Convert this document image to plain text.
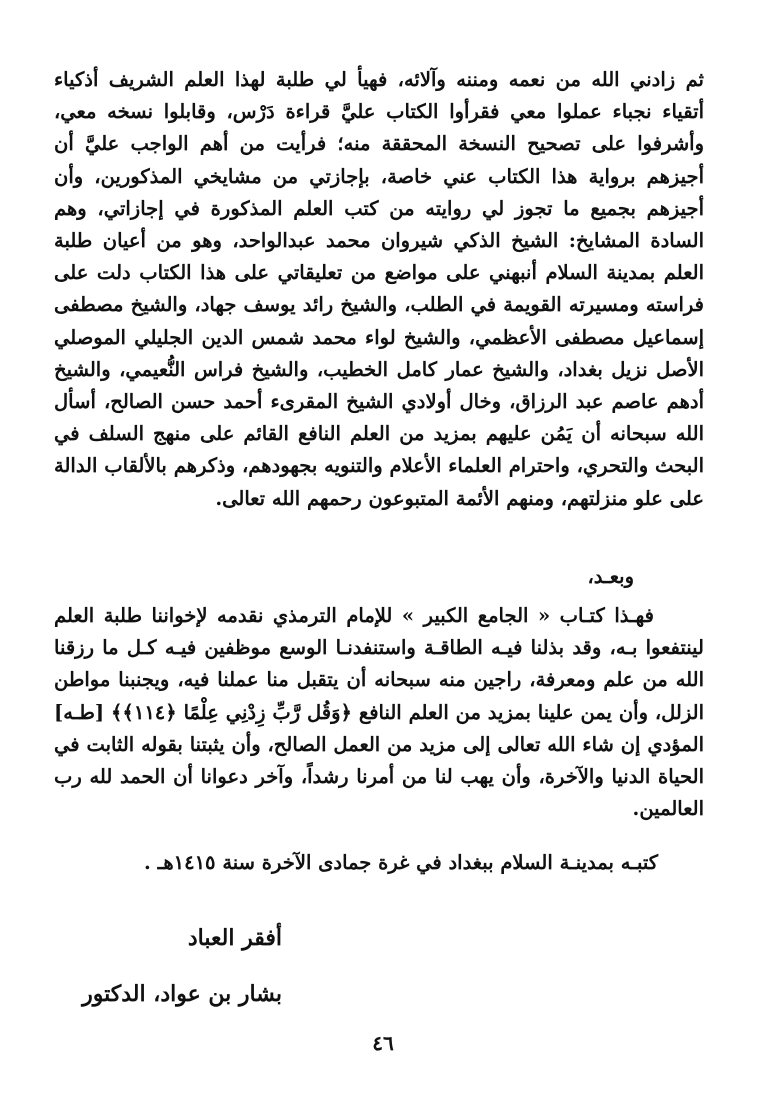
ثم زادني الله من نعمه ومننه وآلائه، فهيأ لي طلبة لهذا العلم الشريف أذكياء أتقياء نجباء عملوا معي فقرأوا الكتاب عليَّ قراءة دَرْس، وقابلوا نسخه معي، وأشرفوا على تصحيح النسخة المحققة منه؛ فرأيت من أهم الواجب عليَّ أن أجيزهم برواية هذا الكتاب عني خاصة، بإجازتي من مشايخي المذكورين، وأن أجيزهم بجميع ما تجوز لي روايته من كتب العلم المذكورة في إجازاتي، وهم السادة المشايخ: الشيخ الذكي شيروان محمد عبدالواحد، وهو من أعيان طلبة العلم بمدينة السلام أنبهني على مواضع من تعليقاتي على هذا الكتاب دلت على فراسته ومسيرته القويمة في الطلب، والشيخ رائد يوسف جهاد، والشيخ مصطفى إسماعيل مصطفى الأعظمي، والشيخ لواء محمد شمس الدين الجليلي الموصلي الأصل نزيل بغداد، والشيخ عمار كامل الخطيب، والشيخ فراس النُّعيمي، والشيخ أدهم عاصم عبد الرزاق، وخال أولادي الشيخ المقرىء أحمد حسن الصالح، أسأل الله سبحانه أن يَمُن عليهم بمزيد من العلم النافع القائم على منهج السلف في البحث والتحري، واحترام العلماء الأعلام والتنويه بجهودهم، وذكرهم بالألقاب الدالة على علو منزلتهم، ومنهم الأئمة المتبوعون رحمهم الله تعالى.

وبعـد،

فهـذا كتـاب « الجامع الكبير » للإمام الترمذي نقدمه لإخواننا طلبة العلم لينتفعوا بـه، وقد بذلنا فيـه الطاقـة واستنفدنـا الوسع موظفين فيـه كـل ما رزقنا الله من علم ومعرفة، راجين منه سبحانه أن يتقبل منا عملنا فيه، ويجنبنا مواطن الزلل، وأن يمن علينا بمزيد من العلم النافع ﴿وَقُل رَّبِّ زِدْنِي عِلْمًا ﴿١١٤﴾﴾ [طـه] المؤدي إن شاء الله تعالى إلى مزيد من العمل الصالح، وأن يثبتنا بقوله الثابت في الحياة الدنيا والآخرة، وأن يهب لنا من أمرنا رشداً، وآخر دعوانا أن الحمد لله رب العالمين.

كتبـه بمدينـة السلام ببغداد في غرة جمادى الآخرة سنة ١٤١٥هـ .

أفقر العباد

بشار بن عواد، الدكتور

٤٦
